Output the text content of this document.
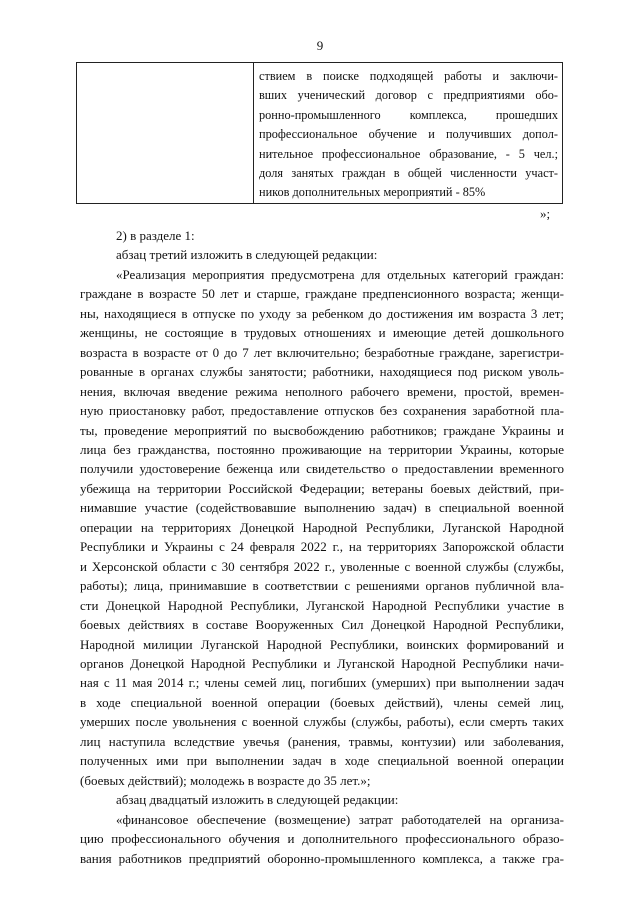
9

ствием в поиске подходящей работы и заключи-
вших ученический договор с предприятиями обо-
ронно-промышленного комплекса, прошедших
профессиональное обучение и получивших допол-
нительное профессиональное образование, - 5 чел.;
доля занятых граждан в общей численности участ-
ников дополнительных мероприятий - 85%
»;
2) в разделе 1:
абзац третий изложить в следующей редакции:
«Реализация мероприятия предусмотрена для отдельных категорий граждан:
граждане в возрасте 50 лет и старше, граждане предпенсионного возраста; женщи-
ны, находящиеся в отпуске по уходу за ребенком до достижения им возраста 3 лет;
женщины, не состоящие в трудовых отношениях и имеющие детей дошкольного
возраста в возрасте от 0 до 7 лет включительно; безработные граждане, зарегистри-
рованные в органах службы занятости; работники, находящиеся под риском уволь-
нения, включая введение режима неполного рабочего времени, простой, времен-
ную приостановку работ, предоставление отпусков без сохранения заработной пла-
ты, проведение мероприятий по высвобождению работников; граждане Украины и
лица без гражданства, постоянно проживающие на территории Украины, которые
получили удостоверение беженца или свидетельство о предоставлении временного
убежища на территории Российской Федерации; ветераны боевых действий, при-
нимавшие участие (содействовавшие выполнению задач) в специальной военной
операции на территориях Донецкой Народной Республики, Луганской Народной
Республики и Украины с 24 февраля 2022 г., на территориях Запорожской области
и Херсонской области с 30 сентября 2022 г., уволенные с военной службы (службы,
работы); лица, принимавшие в соответствии с решениями органов публичной вла-
сти Донецкой Народной Республики, Луганской Народной Республики участие в
боевых действиях в составе Вооруженных Сил Донецкой Народной Республики,
Народной милиции Луганской Народной Республики, воинских формирований и
органов Донецкой Народной Республики и Луганской Народной Республики начи-
ная с 11 мая 2014 г.; члены семей лиц, погибших (умерших) при выполнении задач
в ходе специальной военной операции (боевых действий), члены семей лиц,
умерших после увольнения с военной службы (службы, работы), если смерть таких
лиц наступила вследствие увечья (ранения, травмы, контузии) или заболевания,
полученных ими при выполнении задач в ходе специальной военной операции
(боевых действий); молодежь в возрасте до 35 лет.»;
абзац двадцатый изложить в следующей редакции:
«финансовое обеспечение (возмещение) затрат работодателей на организа-
цию профессионального обучения и дополнительного профессионального образо-
вания работников предприятий оборонно-промышленного комплекса, а также гра-
